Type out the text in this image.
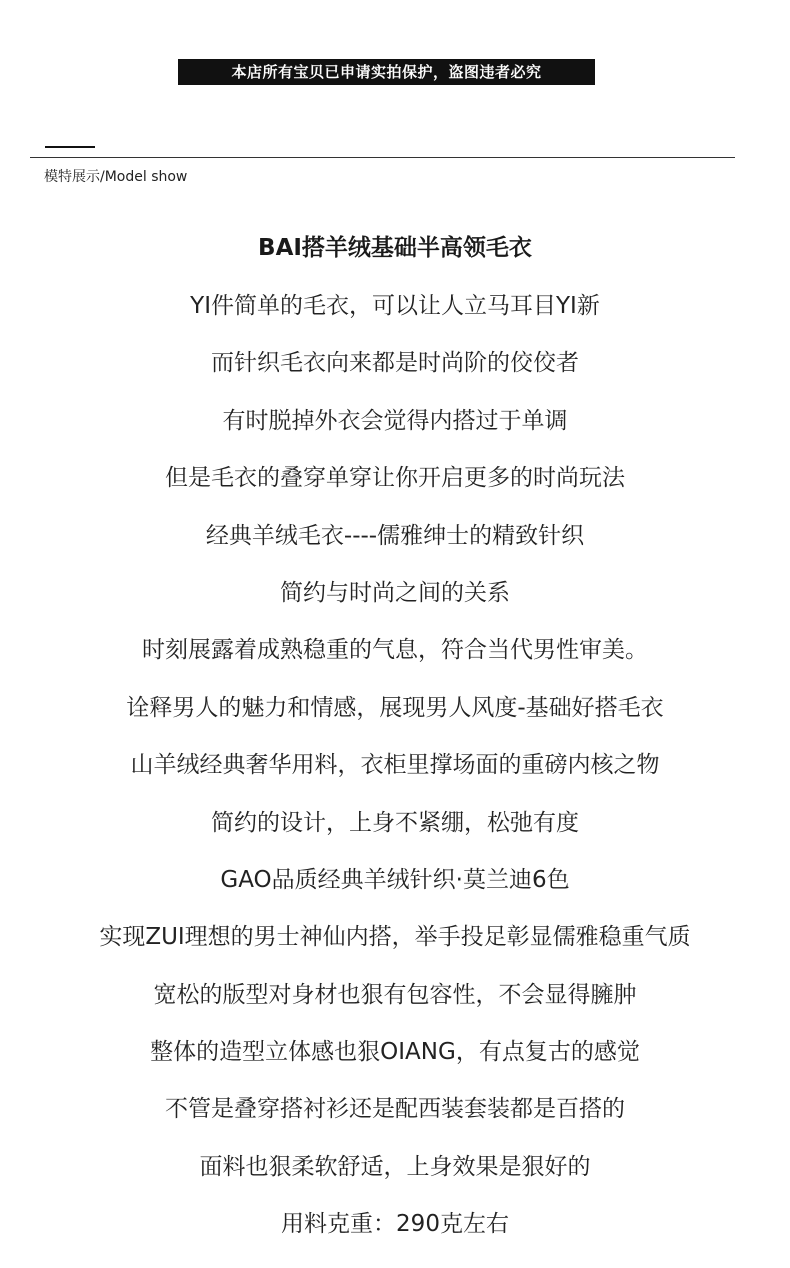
本店所有宝贝已申请实拍保护，盗图违者必究
模特展示/Model show
BAI搭羊绒基础半高领毛衣
YI件简单的毛衣，可以让人立马耳目YI新
而针织毛衣向来都是时尚阶的佼佼者
有时脱掉外衣会觉得内搭过于单调
但是毛衣的叠穿单穿让你开启更多的时尚玩法
经典羊绒毛衣----儒雅绅士的精致针织
简约与时尚之间的关系
时刻展露着成熟稳重的气息，符合当代男性审美。
诠释男人的魅力和情感，展现男人风度-基础好搭毛衣
山羊绒经典奢华用料，衣柜里撑场面的重磅内核之物
简约的设计，上身不紧绷，松弛有度
GAO品质经典羊绒针织·莫兰迪6色
实现ZUI理想的男士神仙内搭，举手投足彰显儒雅稳重气质
宽松的版型对身材也狠有包容性，不会显得臃肿
整体的造型立体感也狠OIANG，有点复古的感觉
不管是叠穿搭衬衫还是配西装套装都是百搭的
面料也狠柔软舒适，上身效果是狠好的
用料克重：290克左右
